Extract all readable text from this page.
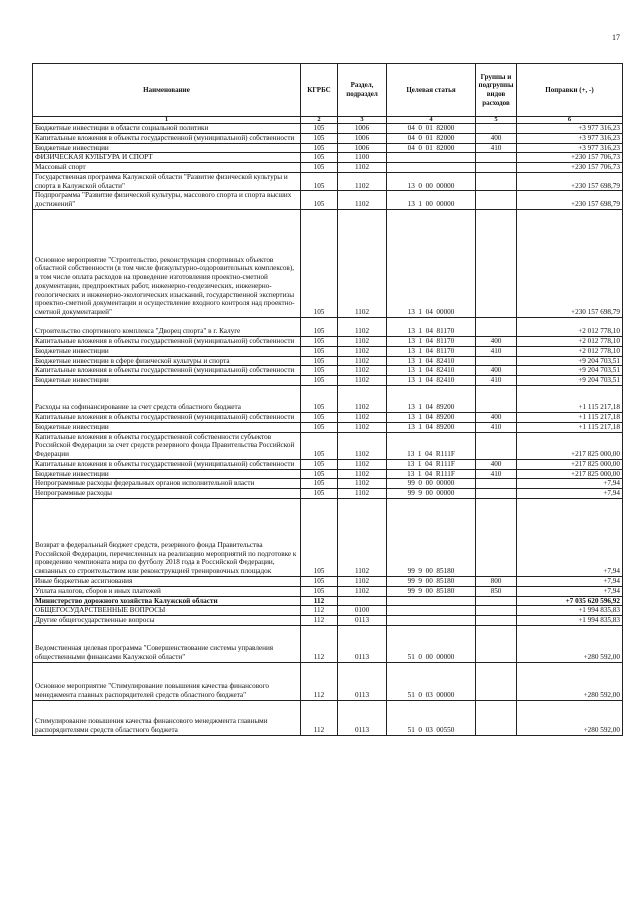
17
Наименование	КГРБС	Раздел, подраздел	Целевая статья	Группы и подгруппы видов расходов	Поправки (+, -)
1	2	3	4	5	6
Бюджетные инвестиции в области социальной политики	105	1006	04  0  01  82000		+3 977 316,23
Капитальные вложения в объекты государственной (муниципальной) собственности	105	1006	04  0  01  82000	400	+3 977 316,23
Бюджетные инвестиции	105	1006	04  0  01  82000	410	+3 977 316,23
ФИЗИЧЕСКАЯ КУЛЬТУРА И СПОРТ	105	1100			+230 157 706,73
Массовый спорт	105	1102			+230 157 706,73
Государственная программа Калужской области "Развитие физической культуры и спорта в Калужской области"	105	1102	13  0  00  00000		+230 157 698,79
Подпрограмма "Развитие физической культуры, массового спорта и спорта высших достижений"	105	1102	13  1  00  00000		+230 157 698,79
Основное мероприятие "Строительство, реконструкция спортивных объектов областной собственности (в том числе физкультурно-оздоровительных комплексов), в том числе оплата расходов на проведение изготовления проектно-сметной документации, предпроектных работ, инженерно-геодезических, инженерно-геологических и инженерно-экологических изысканий, государственной экспертизы проектно-сметной документации и осуществление входного контроля над проектно-сметной документацией"	105	1102	13  1  04  00000		+230 157 698,79
Строительство спортивного комплекса "Дворец спорта" в г. Калуге	105	1102	13  1  04  81170		+2 012 778,10
Капитальные вложения в объекты государственной (муниципальной) собственности	105	1102	13  1  04  81170	400	+2 012 778,10
Бюджетные инвестиции	105	1102	13  1  04  81170	410	+2 012 778,10
Бюджетные инвестиции в сфере физической культуры и спорта	105	1102	13  1  04  82410		+9 204 703,51
Капитальные вложения в объекты государственной (муниципальной) собственности	105	1102	13  1  04  82410	400	+9 204 703,51
Бюджетные инвестиции	105	1102	13  1  04  82410	410	+9 204 703,51
Расходы на софинансирование за счет средств областного бюджета	105	1102	13  1  04  89200		+1 115 217,18
Капитальные вложения в объекты государственной (муниципальной) собственности	105	1102	13  1  04  89200	400	+1 115 217,18
Бюджетные инвестиции	105	1102	13  1  04  89200	410	+1 115 217,18
Капитальные вложения в объекты государственной собственности субъектов Российской Федерации за счет средств резервного фонда Правительства Российской Федерации	105	1102	13  1  04  R111F		+217 825 000,00
Капитальные вложения в объекты государственной (муниципальной) собственности	105	1102	13  1  04  R111F	400	+217 825 000,00
Бюджетные инвестиции	105	1102	13  1  04  R111F	410	+217 825 000,00
Непрограммные расходы федеральных органов исполнительной власти	105	1102	99  0  00  00000		+7,94
Непрограммные расходы	105	1102	99  9  00  00000		+7,94
Возврат в федеральный бюджет средств, резервного фонда Правительства Российской Федерации, перечисленных на реализацию мероприятий по подготовке к проведению чемпионата мира по футболу 2018 года в Российской Федерации, связанных со строительством или реконструкцией тренировочных площадок	105	1102	99  9  00  85180		+7,94
Иные бюджетные ассигнования	105	1102	99  9  00  85180	800	+7,94
Уплата налогов, сборов и иных платежей	105	1102	99  9  00  85180	850	+7,94
Министерство дорожного хозяйства Калужской области	112				+7 035 620 596,92
ОБЩЕГОСУДАРСТВЕННЫЕ ВОПРОСЫ	112	0100			+1 994 835,83
Другие общегосударственные вопросы	112	0113			+1 994 835,83
Ведомственная целевая программа "Совершенствование системы управления общественными финансами Калужской области"	112	0113	51  0  00  00000		+280 592,00
Основное мероприятие "Стимулирование повышения качества финансового менеджмента главных распорядителей средств областного бюджета"	112	0113	51  0  03  00000		+280 592,00
Стимулирование повышения качества финансового менеджмента главными распорядителями средств областного бюджета	112	0113	51  0  03  00550		+280 592,00
